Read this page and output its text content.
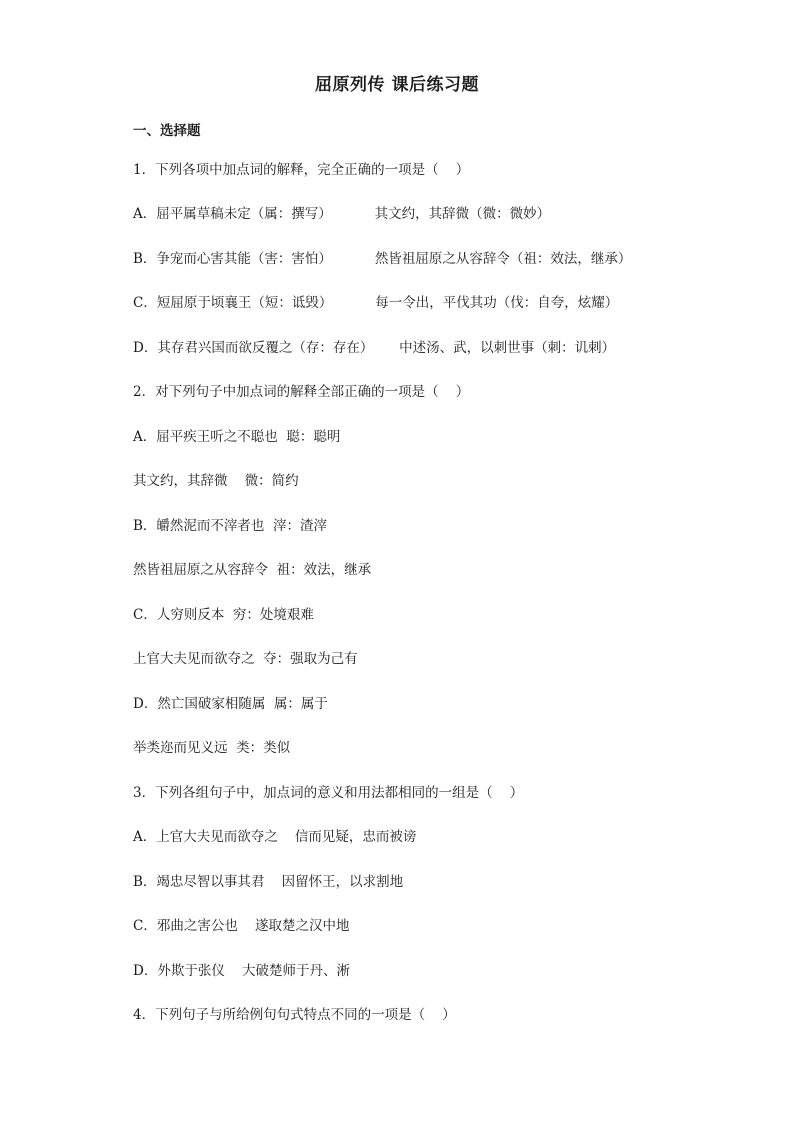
屈原列传 课后练习题
一、选择题
1．下列各项中加点词的解释，完全正确的一项是（    ）
A．屈平属草稿未定（属：撰写）          其文约，其辞微（微：微妙）
B．争宠而心害其能（害：害怕）          然皆祖屈原之从容辞令（祖：效法，继承）
C．短屈原于顷襄王（短：诋毁）          每一令出，平伐其功（伐：自夸，炫耀）
D．其存君兴国而欲反覆之（存：存在）      中述汤、武，以刺世事（刺：讥刺）
2．对下列句子中加点词的解释全部正确的一项是（    ）
A．屈平疾王听之不聪也  聪：聪明
其文约，其辞微    微：简约
B．皭然泥而不滓者也  滓：渣滓
然皆祖屈原之从容辞令  祖：效法，继承
C．人穷则反本  穷：处境艰难
上官大夫见而欲夺之  夺：强取为己有
D．然亡国破家相随属  属：属于
举类迩而见义远  类：类似
3．下列各组句子中，加点词的意义和用法都相同的一组是（    ）
A．上官大夫见而欲夺之    信而见疑，忠而被谤
B．竭忠尽智以事其君    因留怀王，以求割地
C．邪曲之害公也    遂取楚之汉中地
D．外欺于张仪    大破楚师于丹、淅
4．下列句子与所给例句句式特点不同的一项是（    ）
